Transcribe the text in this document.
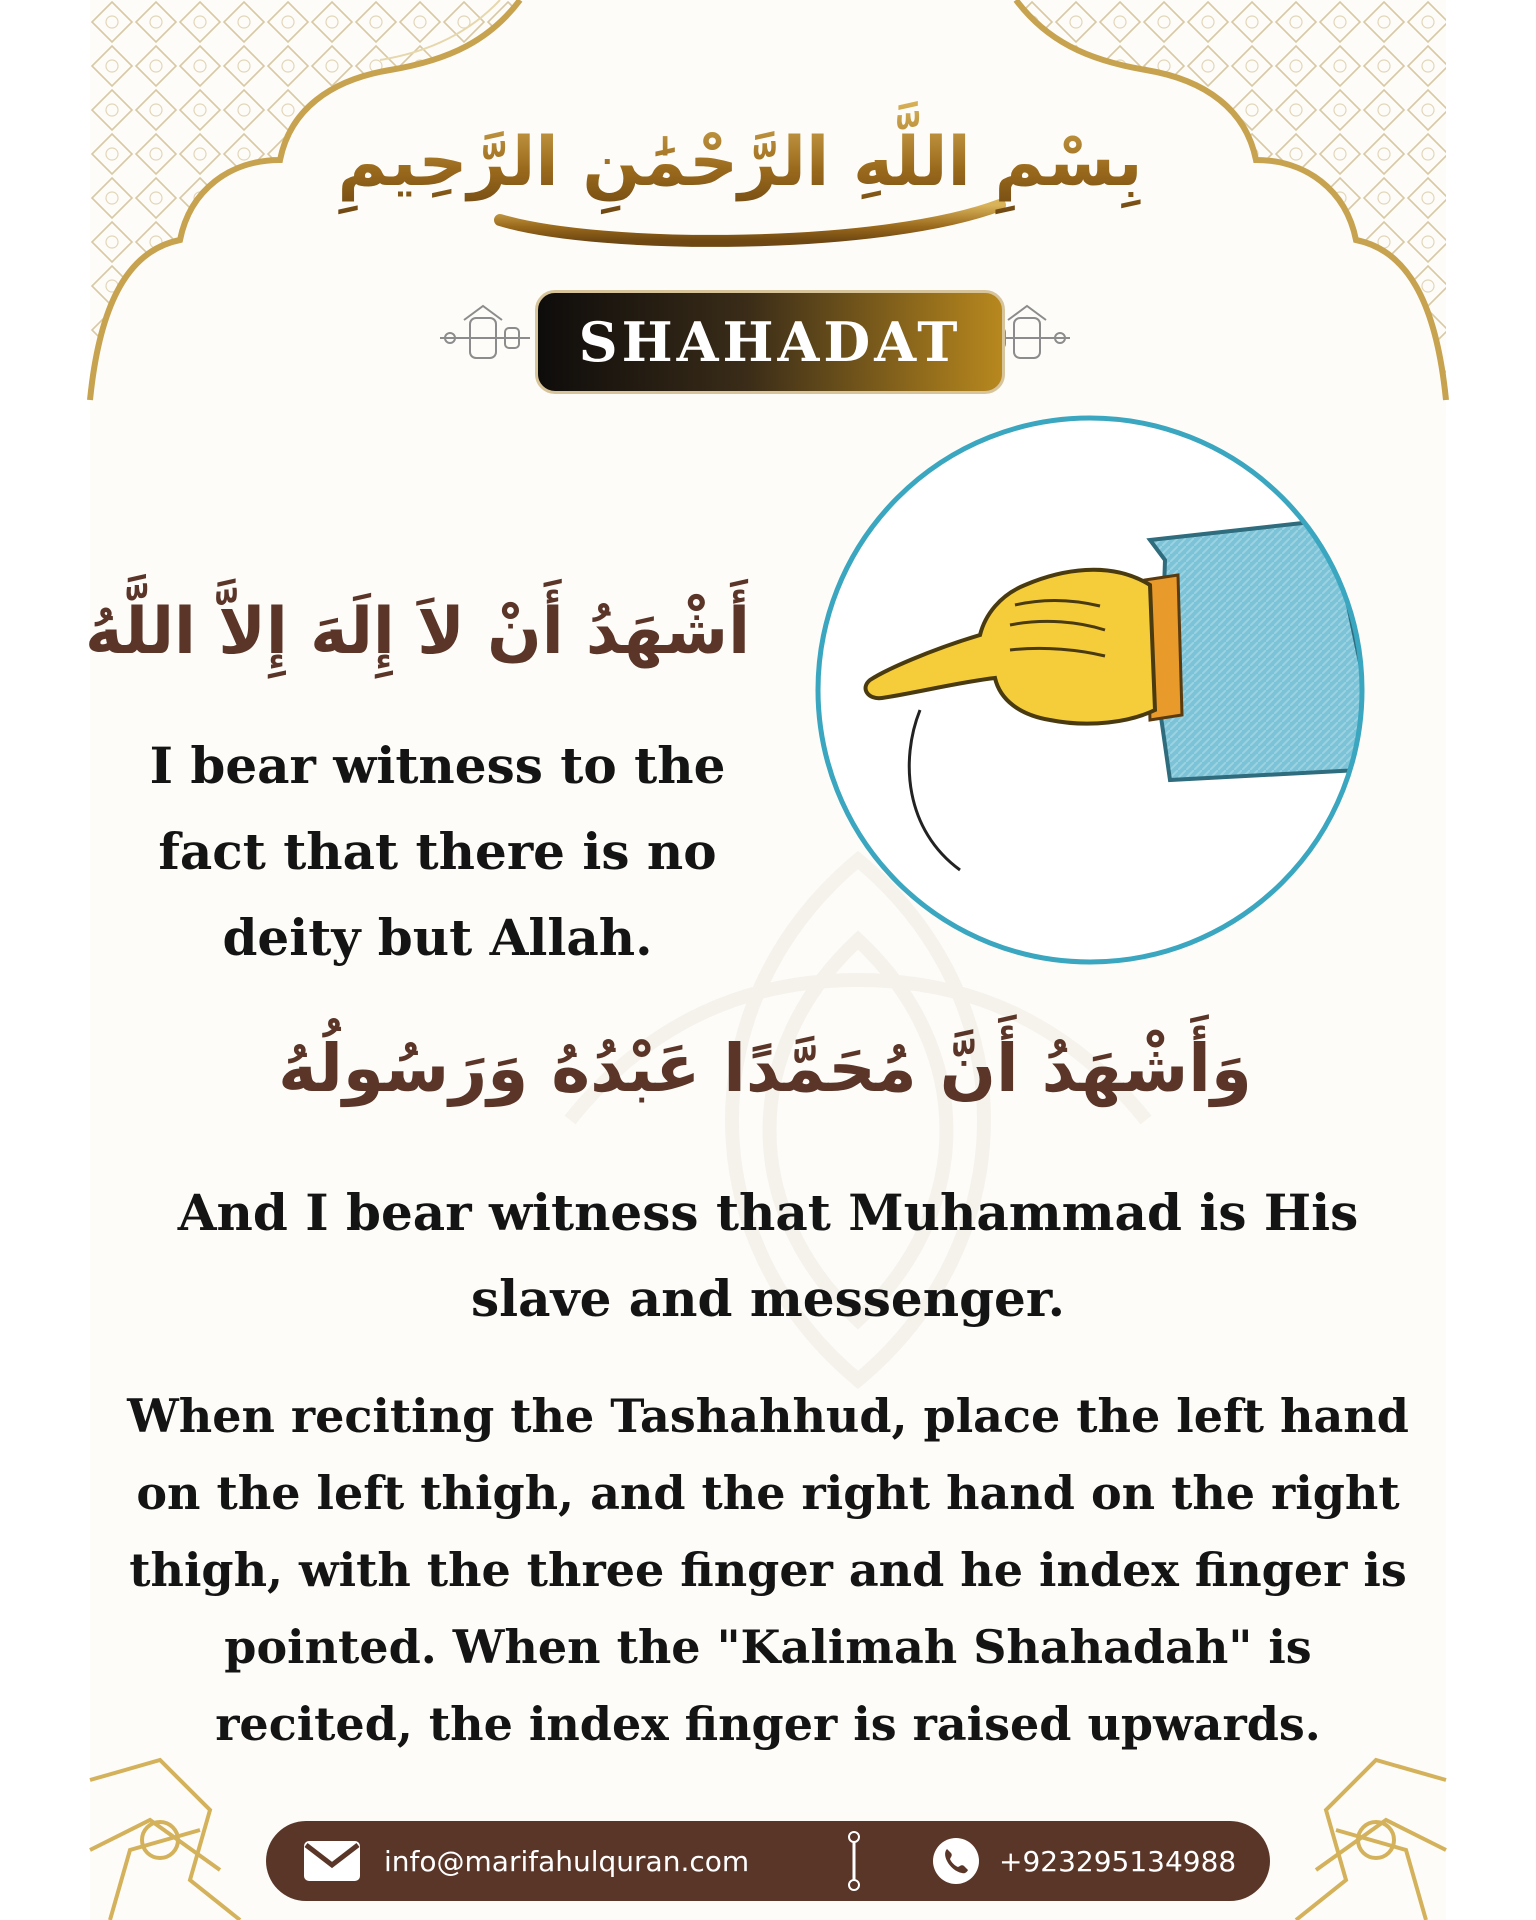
بِسْمِ اللَّهِ الرَّحْمَٰنِ الرَّحِيمِ
SHAHADAT
أَشْهَدُ أَنْ لاَ إِلَهَ إِلاَّ اللَّهُ
I bear witness to the fact that there is no deity but Allah.
وَأَشْهَدُ أَنَّ مُحَمَّدًا عَبْدُهُ وَرَسُولُهُ
And I bear witness that Muhammad is His slave and messenger.
When reciting the Tashahhud, place the left hand on the left thigh, and the right hand on the right thigh, with the three finger and he index finger is pointed. When the "Kalimah Shahadah" is recited, the index finger is raised upwards.
info@marifahulquran.com	+923295134988
